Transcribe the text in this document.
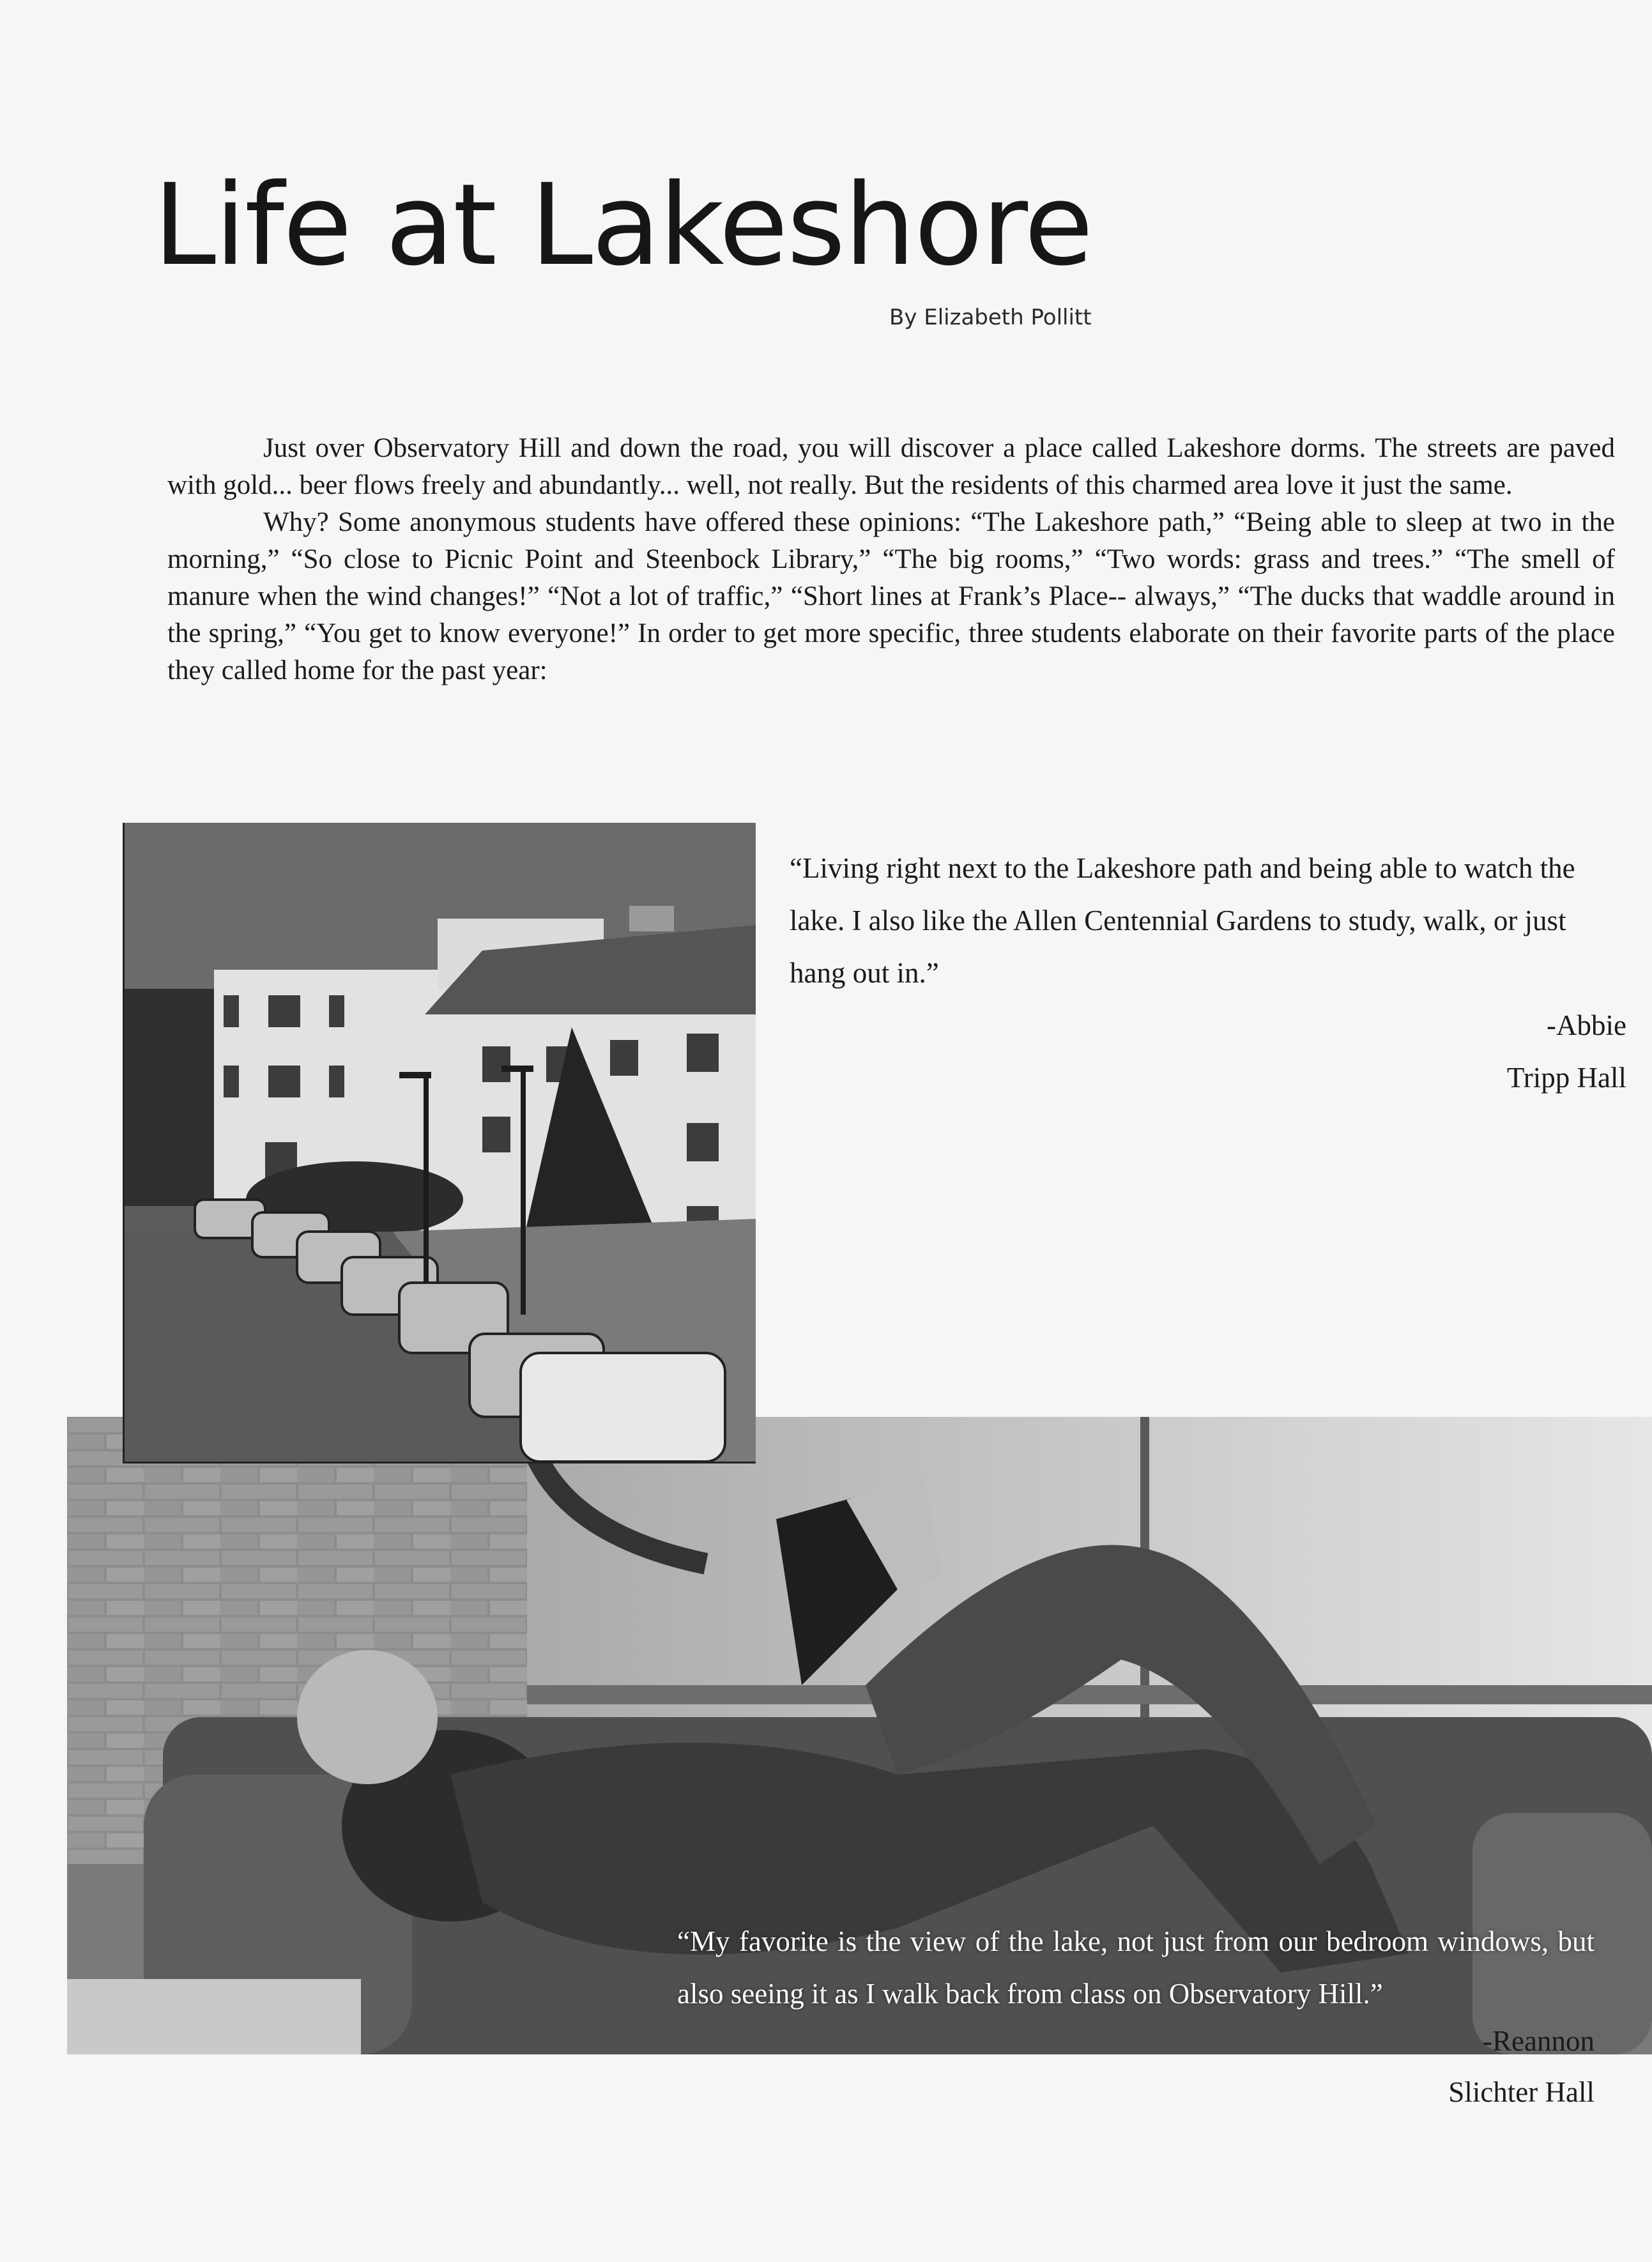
Life at Lakeshore
By Elizabeth Pollitt

Just over Observatory Hill and down the road, you will discover a place called Lakeshore dorms. The streets are paved with gold... beer flows freely and abundantly... well, not really. But the residents of this charmed area love it just the same.

Why? Some anonymous students have offered these opinions: “The Lakeshore path,” “Being able to sleep at two in the morning,” “So close to Picnic Point and Steenbock Library,” “The big rooms,” “Two words: grass and trees.” “The smell of manure when the wind changes!” “Not a lot of traffic,” “Short lines at Frank’s Place-- always,” “The ducks that waddle around in the spring,” “You get to know everyone!” In order to get more specific, three students elaborate on their favorite parts of the place they called home for the past year:

“Living right next to the Lakeshore path and being able to watch the lake. I also like the Allen Centennial Gardens to study, walk, or just hang out in.”

-Abbie

Tripp Hall

“My favorite is the view of the lake, not just from our bedroom windows, but also seeing it as I walk back from class on Observatory Hill.”

-Reannon
Slichter Hall
